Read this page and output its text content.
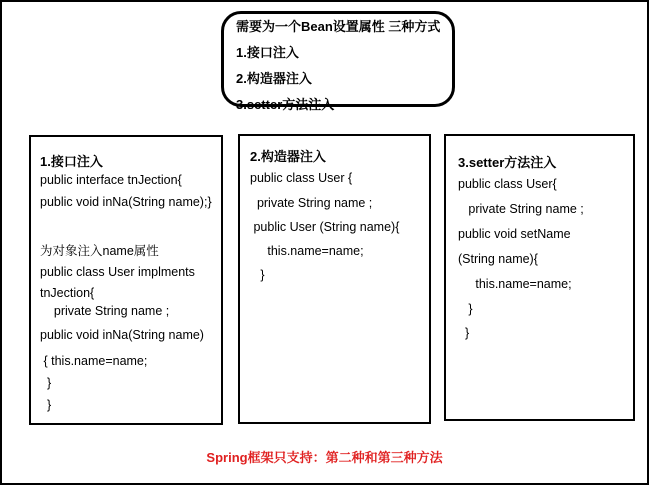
需要为一个Bean设置属性 三种方式
1.接口注入
2.构造器注入
3.setter方法注入
1.接口注入
public interface tnJection{
public void inNa(String name);}
为对象注入name属性
public class User implments
tnJection{
private String name ;
public void inNa(String name)
{ this.name=name;
}
}
2.构造器注入
public class User {
private String name ;
public User (String name){
this.name=name;
}
3.setter方法注入
public class User{
private String name ;
public void setName
(String name){
this.name=name;
}
}
Spring框架只支持：第二种和第三种方法
